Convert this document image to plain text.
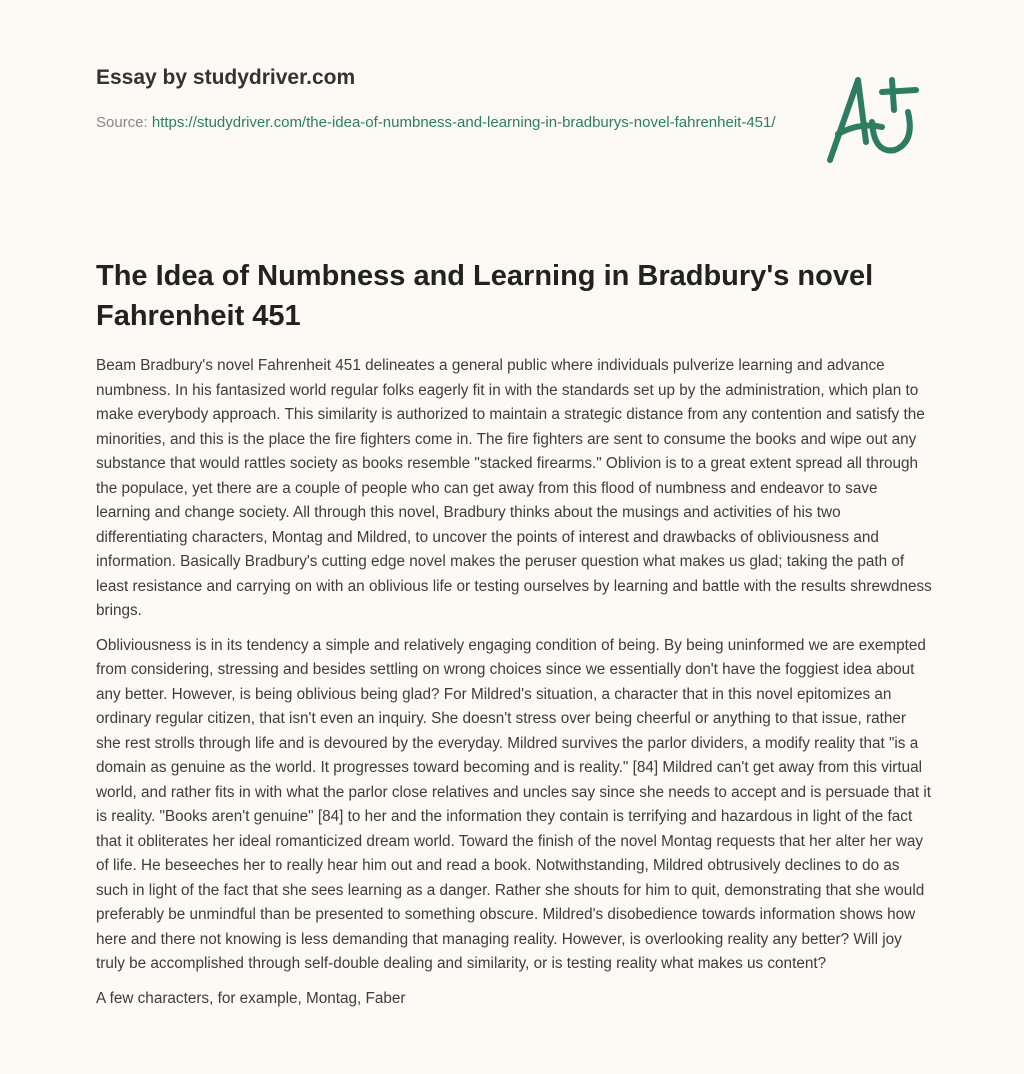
Essay by studydriver.com
Source: https://studydriver.com/the-idea-of-numbness-and-learning-in-bradburys-novel-fahrenheit-451/
The Idea of Numbness and Learning in Bradbury's novel Fahrenheit 451

Beam Bradbury's novel Fahrenheit 451 delineates a general public where individuals pulverize learning and advance numbness. In his fantasized world regular folks eagerly fit in with the standards set up by the administration, which plan to make everybody approach. This similarity is authorized to maintain a strategic distance from any contention and satisfy the minorities, and this is the place the fire fighters come in. The fire fighters are sent to consume the books and wipe out any substance that would rattles society as books resemble "stacked firearms." Oblivion is to a great extent spread all through the populace, yet there are a couple of people who can get away from this flood of numbness and endeavor to save learning and change society. All through this novel, Bradbury thinks about the musings and activities of his two differentiating characters, Montag and Mildred, to uncover the points of interest and drawbacks of obliviousness and information. Basically Bradbury's cutting edge novel makes the peruser question what makes us glad; taking the path of least resistance and carrying on with an oblivious life or testing ourselves by learning and battle with the results shrewdness brings.

Obliviousness is in its tendency a simple and relatively engaging condition of being. By being uninformed we are exempted from considering, stressing and besides settling on wrong choices since we essentially don't have the foggiest idea about any better. However, is being oblivious being glad? For Mildred's situation, a character that in this novel epitomizes an ordinary regular citizen, that isn't even an inquiry. She doesn't stress over being cheerful or anything to that issue, rather she rest strolls through life and is devoured by the everyday. Mildred survives the parlor dividers, a modify reality that "is a domain as genuine as the world. It progresses toward becoming and is reality." [84] Mildred can't get away from this virtual world, and rather fits in with what the parlor close relatives and uncles say since she needs to accept and is persuade that it is reality. "Books aren't genuine" [84] to her and the information they contain is terrifying and hazardous in light of the fact that it obliterates her ideal romanticized dream world. Toward the finish of the novel Montag requests that her alter her way of life. He beseeches her to really hear him out and read a book. Notwithstanding, Mildred obtrusively declines to do as such in light of the fact that she sees learning as a danger. Rather she shouts for him to quit, demonstrating that she would preferably be unmindful than be presented to something obscure. Mildred's disobedience towards information shows how here and there not knowing is less demanding that managing reality. However, is overlooking reality any better? Will joy truly be accomplished through self-double dealing and similarity, or is testing reality what makes us content?

A few characters, for example, Montag, Faber
